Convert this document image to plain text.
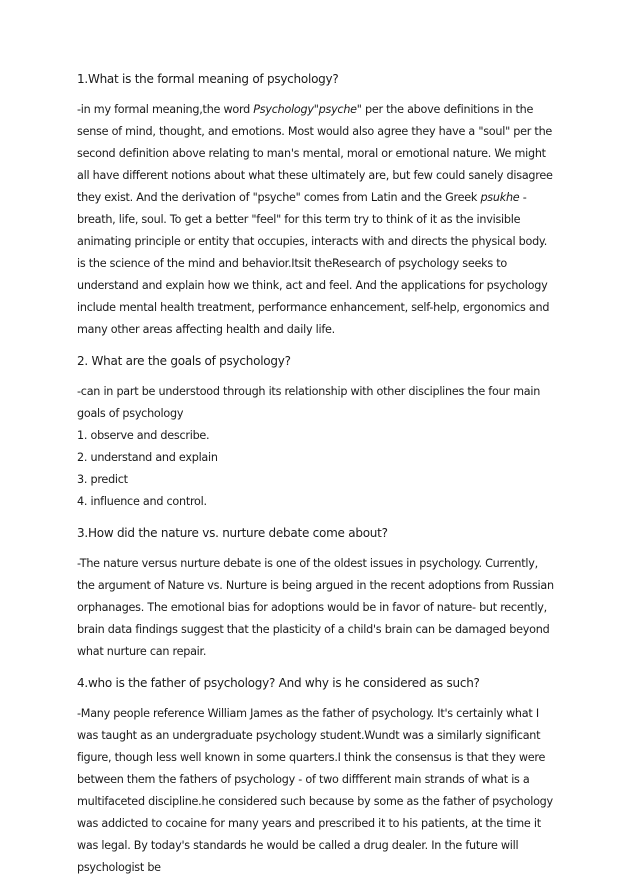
1.What is the formal meaning of psychology?
-in my formal meaning,the word Psychology"psyche" per the above definitions in the sense of mind, thought, and emotions. Most would also agree they have a "soul" per the second definition above relating to man's mental, moral or emotional nature. We might all have different notions about what these ultimately are, but few could sanely disagree they exist. And the derivation of "psyche" comes from Latin and the Greek psukhe - breath, life, soul. To get a better "feel" for this term try to think of it as the invisible animating principle or entity that occupies, interacts with and directs the physical body. is the science of the mind and behavior.Itsit theResearch of psychology seeks to understand and explain how we think, act and feel. And the applications for psychology include mental health treatment, performance enhancement, self-help, ergonomics and many other areas affecting health and daily life.
2. What are the goals of psychology?
-can in part be understood through its relationship with other disciplines the four main goals of psychology
1. observe and describe.
2. understand and explain
3. predict
4. influence and control.
3.How did the nature vs. nurture debate come about?
-The nature versus nurture debate is one of the oldest issues in psychology. Currently, the argument of Nature vs. Nurture is being argued in the recent adoptions from Russian orphanages. The emotional bias for adoptions would be in favor of nature- but recently, brain data findings suggest that the plasticity of a child's brain can be damaged beyond what nurture can repair.
4.who is the father of psychology? And why is he considered as such?
-Many people reference William James as the father of psychology. It's certainly what I was taught as an undergraduate psychology student.Wundt was a similarly significant figure, though less well known in some quarters.I think the consensus is that they were between them the fathers of psychology - of two diffferent main strands of what is a multifaceted discipline.he considered such because by some as the father of psychology was addicted to cocaine for many years and prescribed it to his patients, at the time it was legal. By today's standards he would be called a drug dealer. In the future will psychologist be
